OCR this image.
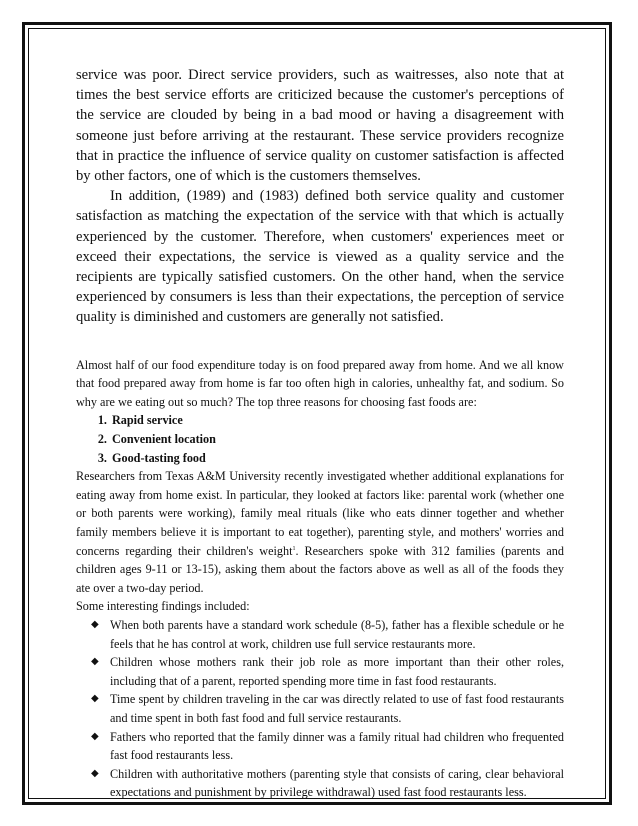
service was poor. Direct service providers, such as waitresses, also note that at times the best service efforts are criticized because the customer's perceptions of the service are clouded by being in a bad mood or having a disagreement with someone just before arriving at the restaurant. These service providers recognize that in practice the influence of service quality on customer satisfaction is affected by other factors, one of which is the customers themselves.

In addition, (1989) and (1983) defined both service quality and customer satisfaction as matching the expectation of the service with that which is actually experienced by the customer. Therefore, when customers' experiences meet or exceed their expectations, the service is viewed as a quality service and the recipients are typically satisfied customers. On the other hand, when the service experienced by consumers is less than their expectations, the perception of service quality is diminished and customers are generally not satisfied.

Almost half of our food expenditure today is on food prepared away from home. And we all know that food prepared away from home is far too often high in calories, unhealthy fat, and sodium. So why are we eating out so much? The top three reasons for choosing fast foods are:

1. Rapid service
2. Convenient location
3. Good-tasting food

Researchers from Texas A&M University recently investigated whether additional explanations for eating away from home exist. In particular, they looked at factors like: parental work (whether one or both parents were working), family meal rituals (like who eats dinner together and whether family members believe it is important to eat together), parenting style, and mothers' worries and concerns regarding their children's weight$^1$. Researchers spoke with 312 families (parents and children ages 9-11 or 13-15), asking them about the factors above as well as all of the foods they ate over a two-day period.

Some interesting findings included:

◆ When both parents have a standard work schedule (8-5), father has a flexible schedule or he feels that he has control at work, children use full service restaurants more.
◆ Children whose mothers rank their job role as more important than their other roles, including that of a parent, reported spending more time in fast food restaurants.
◆ Time spent by children traveling in the car was directly related to use of fast food restaurants and time spent in both fast food and full service restaurants.
◆ Fathers who reported that the family dinner was a family ritual had children who frequented fast food restaurants less.
◆ Children with authoritative mothers (parenting style that consists of caring, clear behavioral expectations and punishment by privilege withdrawal) used fast food restaurants less.
